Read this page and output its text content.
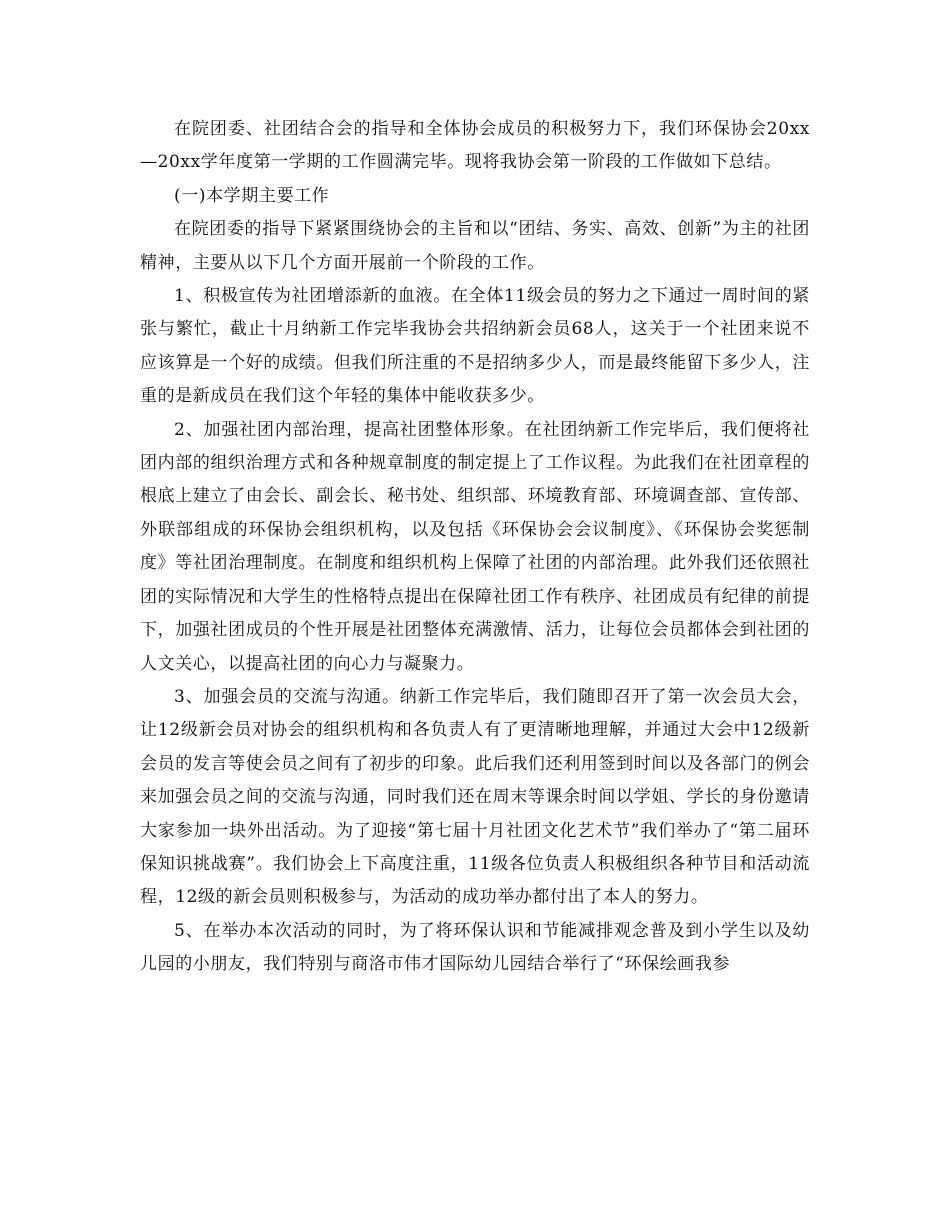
在院团委、社团结合会的指导和全体协会成员的积极努力下，我们环保协会20xx—20xx学年度第一学期的工作圆满完毕。现将我协会第一阶段的工作做如下总结。

(一)本学期主要工作

在院团委的指导下紧紧围绕协会的主旨和以“团结、务实、高效、创新”为主的社团精神，主要从以下几个方面开展前一个阶段的工作。

1、积极宣传为社团增添新的血液。在全体11级会员的努力之下通过一周时间的紧张与繁忙，截止十月纳新工作完毕我协会共招纳新会员68人，这关于一个社团来说不应该算是一个好的成绩。但我们所注重的不是招纳多少人，而是最终能留下多少人，注重的是新成员在我们这个年轻的集体中能收获多少。

2、加强社团内部治理，提高社团整体形象。在社团纳新工作完毕后，我们便将社团内部的组织治理方式和各种规章制度的制定提上了工作议程。为此我们在社团章程的根底上建立了由会长、副会长、秘书处、组织部、环境教育部、环境调查部、宣传部、外联部组成的环保协会组织机构，以及包括《环保协会会议制度》、《环保协会奖惩制度》等社团治理制度。在制度和组织机构上保障了社团的内部治理。此外我们还依照社团的实际情况和大学生的性格特点提出在保障社团工作有秩序、社团成员有纪律的前提下，加强社团成员的个性开展是社团整体充满激情、活力，让每位会员都体会到社团的人文关心，以提高社团的向心力与凝聚力。

3、加强会员的交流与沟通。纳新工作完毕后，我们随即召开了第一次会员大会，让12级新会员对协会的组织机构和各负责人有了更清晰地理解，并通过大会中12级新会员的发言等使会员之间有了初步的印象。此后我们还利用签到时间以及各部门的例会来加强会员之间的交流与沟通，同时我们还在周末等课余时间以学姐、学长的身份邀请大家参加一块外出活动。为了迎接“第七届十月社团文化艺术节”我们举办了“第二届环保知识挑战赛”。我们协会上下高度注重，11级各位负责人积极组织各种节目和活动流程，12级的新会员则积极参与，为活动的成功举办都付出了本人的努力。

5、在举办本次活动的同时，为了将环保认识和节能减排观念普及到小学生以及幼儿园的小朋友，我们特别与商洛市伟才国际幼儿园结合举行了“环保绘画我参
